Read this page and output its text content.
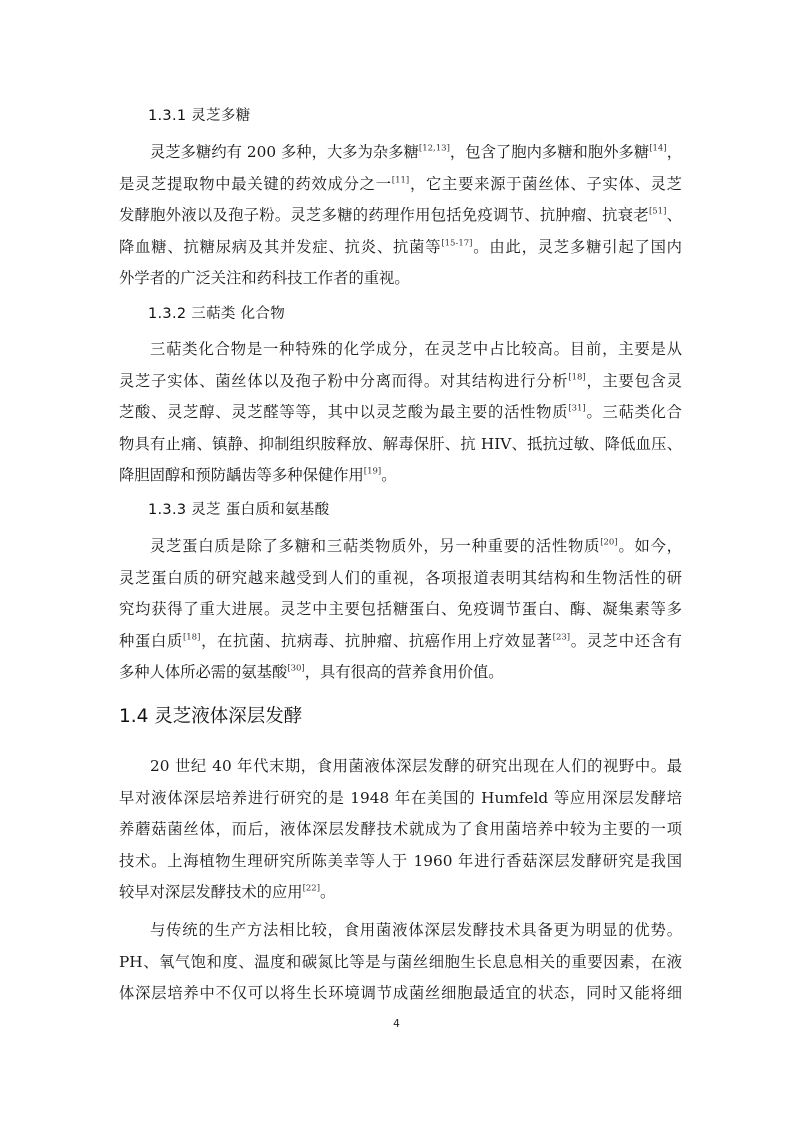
1.3.1 灵芝多糖
灵芝多糖约有 200 多种，大多为杂多糖[12,13]，包含了胞内多糖和胞外多糖[14]，
是灵芝提取物中最关键的药效成分之一[11]，它主要来源于菌丝体、子实体、灵芝
发酵胞外液以及孢子粉。灵芝多糖的药理作用包括免疫调节、抗肿瘤、抗衰老[51]、
降血糖、抗糖尿病及其并发症、抗炎、抗菌等[15-17]。由此，灵芝多糖引起了国内
外学者的广泛关注和药科技工作者的重视。
1.3.2 三萜类 化合物
三萜类化合物是一种特殊的化学成分，在灵芝中占比较高。目前，主要是从
灵芝子实体、菌丝体以及孢子粉中分离而得。对其结构进行分析[18]，主要包含灵
芝酸、灵芝醇、灵芝醛等等，其中以灵芝酸为最主要的活性物质[31]。三萜类化合
物具有止痛、镇静、抑制组织胺释放、解毒保肝、抗 HIV、抵抗过敏、降低血压、
降胆固醇和预防龋齿等多种保健作用[19]。
1.3.3 灵芝 蛋白质和氨基酸
灵芝蛋白质是除了多糖和三萜类物质外，另一种重要的活性物质[20]。如今，
灵芝蛋白质的研究越来越受到人们的重视，各项报道表明其结构和生物活性的研
究均获得了重大进展。灵芝中主要包括糖蛋白、免疫调节蛋白、酶、凝集素等多
种蛋白质[18]，在抗菌、抗病毒、抗肿瘤、抗癌作用上疗效显著[23]。灵芝中还含有
多种人体所必需的氨基酸[30]，具有很高的营养食用价值。
1.4 灵芝液体深层发酵
20 世纪 40 年代末期，食用菌液体深层发酵的研究出现在人们的视野中。最
早对液体深层培养进行研究的是 1948 年在美国的 Humfeld 等应用深层发酵培
养蘑菇菌丝体，而后，液体深层发酵技术就成为了食用菌培养中较为主要的一项
技术。上海植物生理研究所陈美幸等人于 1960 年进行香菇深层发酵研究是我国
较早对深层发酵技术的应用[22]。
与传统的生产方法相比较，食用菌液体深层发酵技术具备更为明显的优势。
PH、氧气饱和度、温度和碳氮比等是与菌丝细胞生长息息相关的重要因素，在液
体深层培养中不仅可以将生长环境调节成菌丝细胞最适宜的状态，同时又能将细
4
